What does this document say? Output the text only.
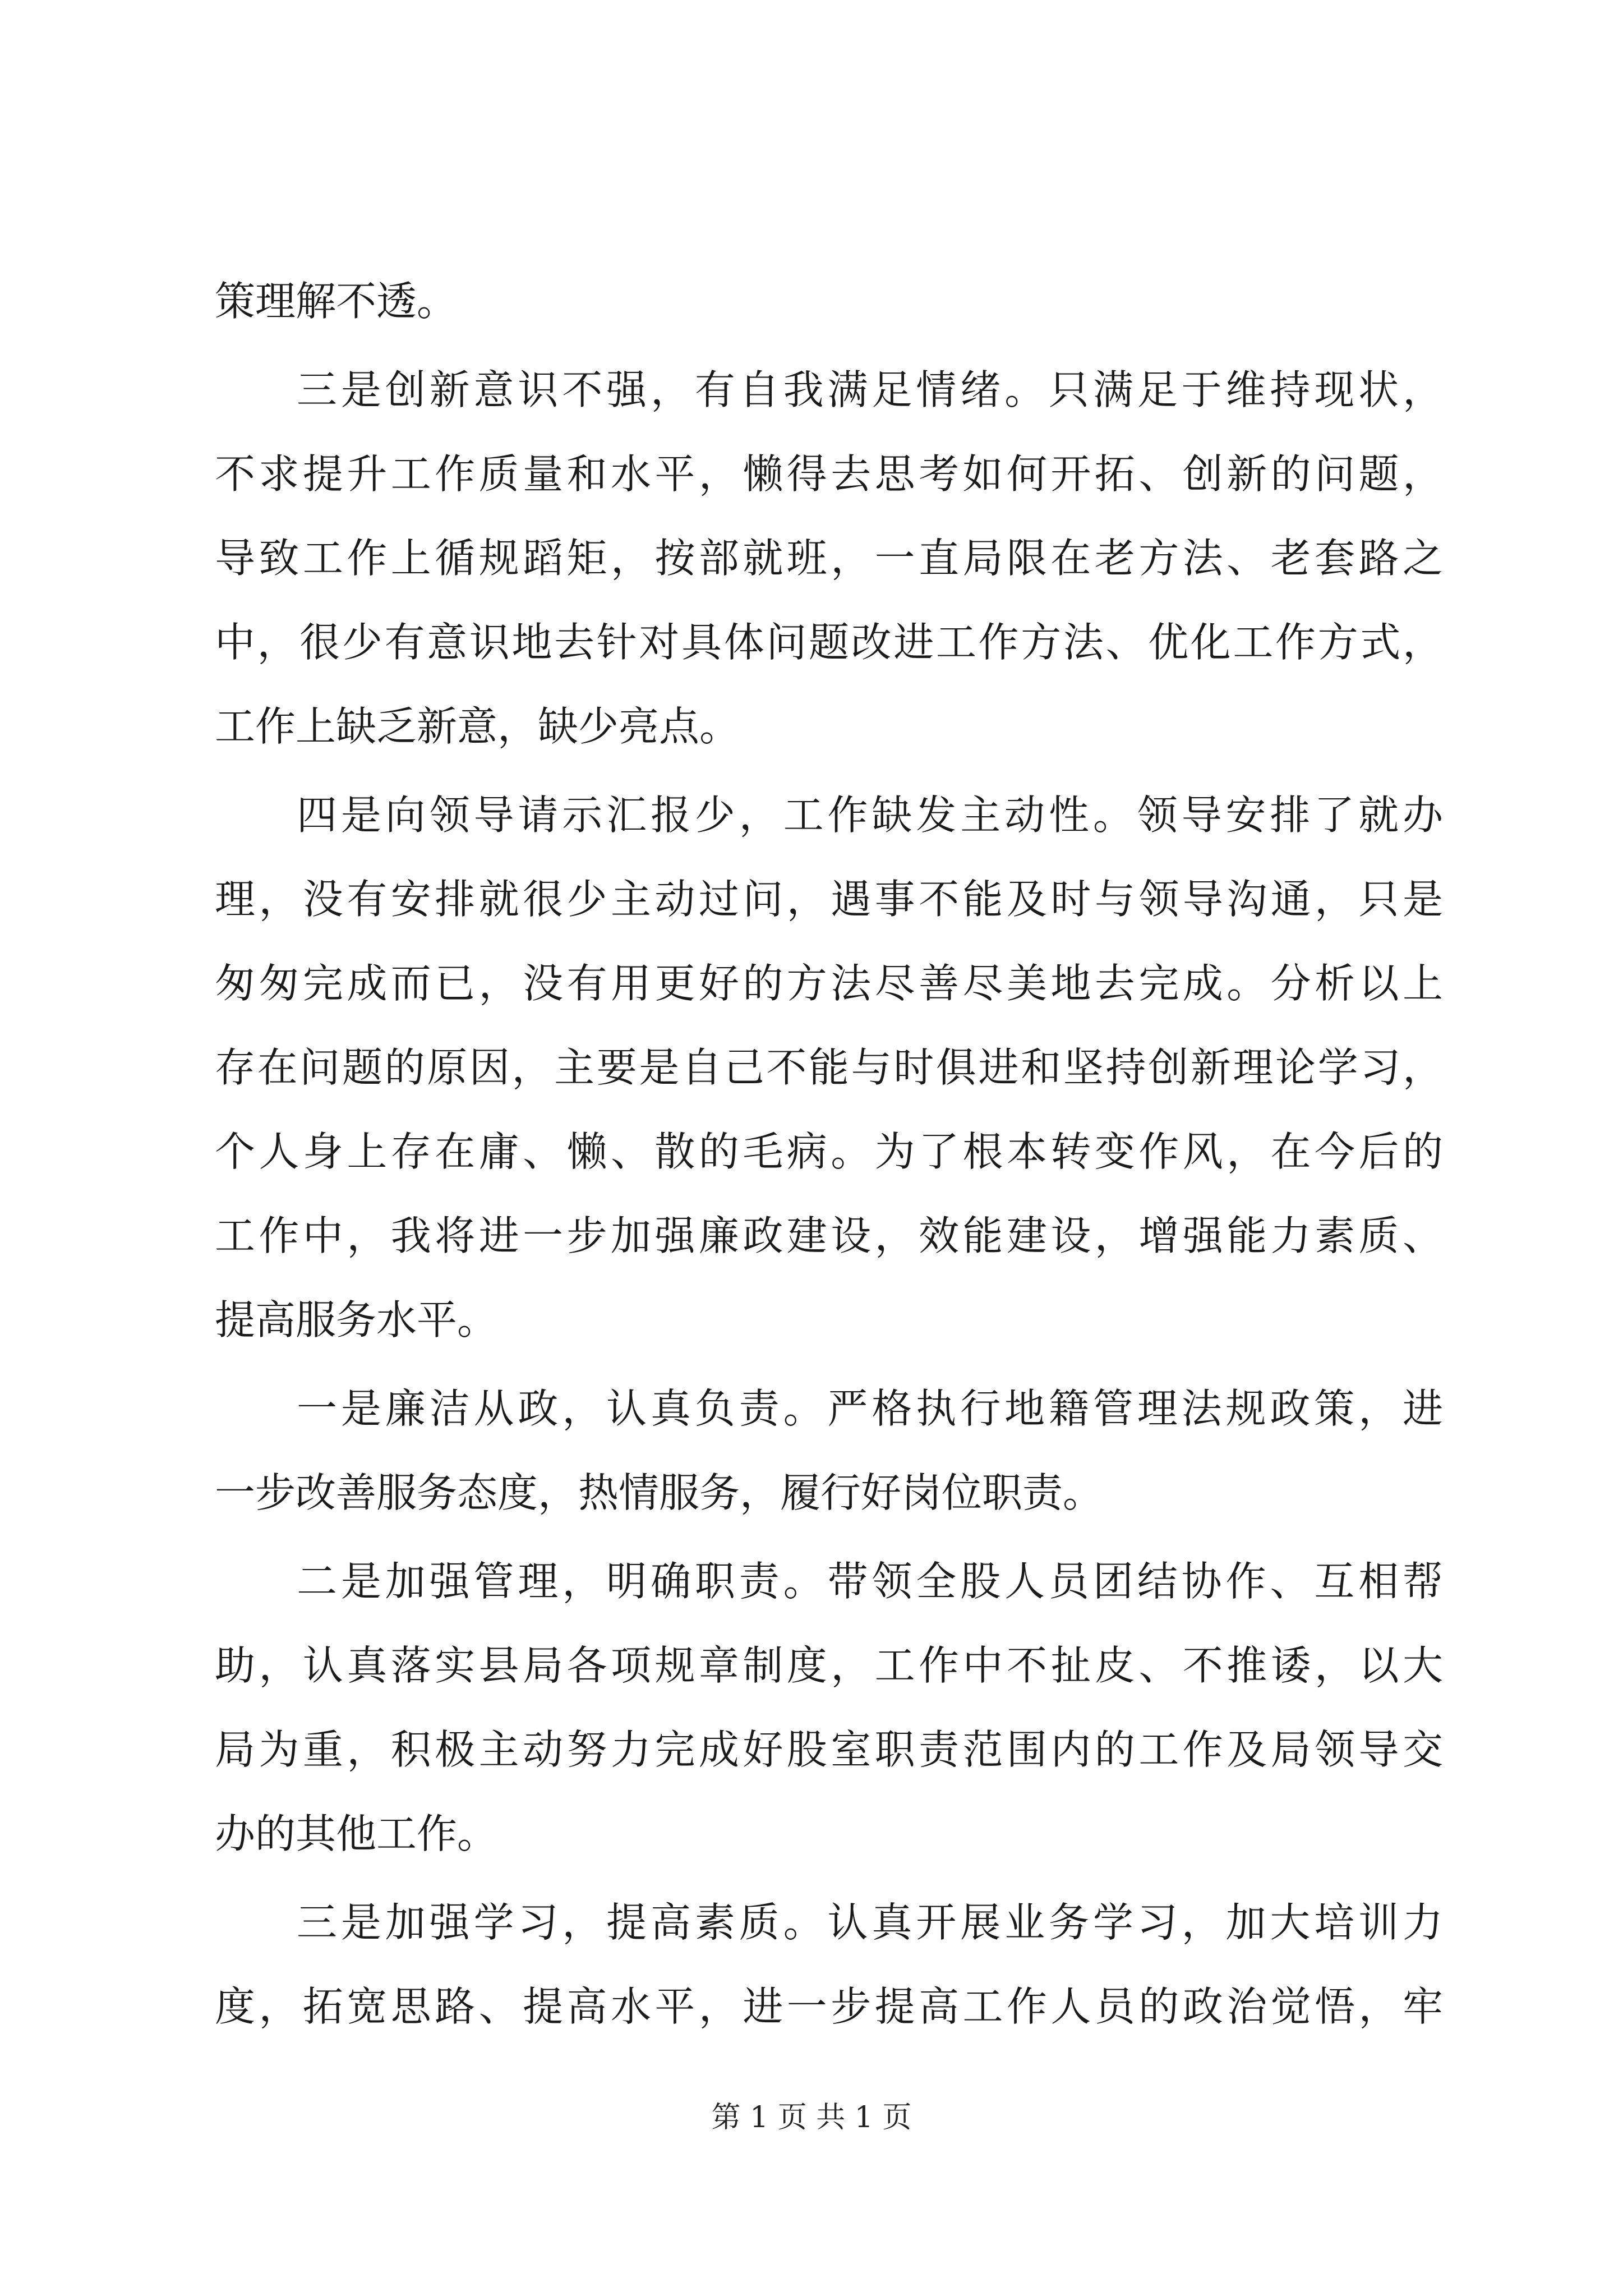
策理解不透。
三是创新意识不强，有自我满足情绪。只满足于维持现状，
不求提升工作质量和水平，懒得去思考如何开拓、创新的问题，
导致工作上循规蹈矩，按部就班，一直局限在老方法、老套路之
中，很少有意识地去针对具体问题改进工作方法、优化工作方式，
工作上缺乏新意，缺少亮点。
四是向领导请示汇报少，工作缺发主动性。领导安排了就办
理，没有安排就很少主动过问，遇事不能及时与领导沟通，只是
匆匆完成而已，没有用更好的方法尽善尽美地去完成。分析以上
存在问题的原因，主要是自己不能与时俱进和坚持创新理论学习，
个人身上存在庸、懒、散的毛病。为了根本转变作风，在今后的
工作中，我将进一步加强廉政建设，效能建设，增强能力素质、
提高服务水平。
一是廉洁从政，认真负责。严格执行地籍管理法规政策，进
一步改善服务态度，热情服务，履行好岗位职责。
二是加强管理，明确职责。带领全股人员团结协作、互相帮
助，认真落实县局各项规章制度，工作中不扯皮、不推诿，以大
局为重，积极主动努力完成好股室职责范围内的工作及局领导交
办的其他工作。
三是加强学习，提高素质。认真开展业务学习，加大培训力
度，拓宽思路、提高水平，进一步提高工作人员的政治觉悟，牢
第 1 页 共 1 页
